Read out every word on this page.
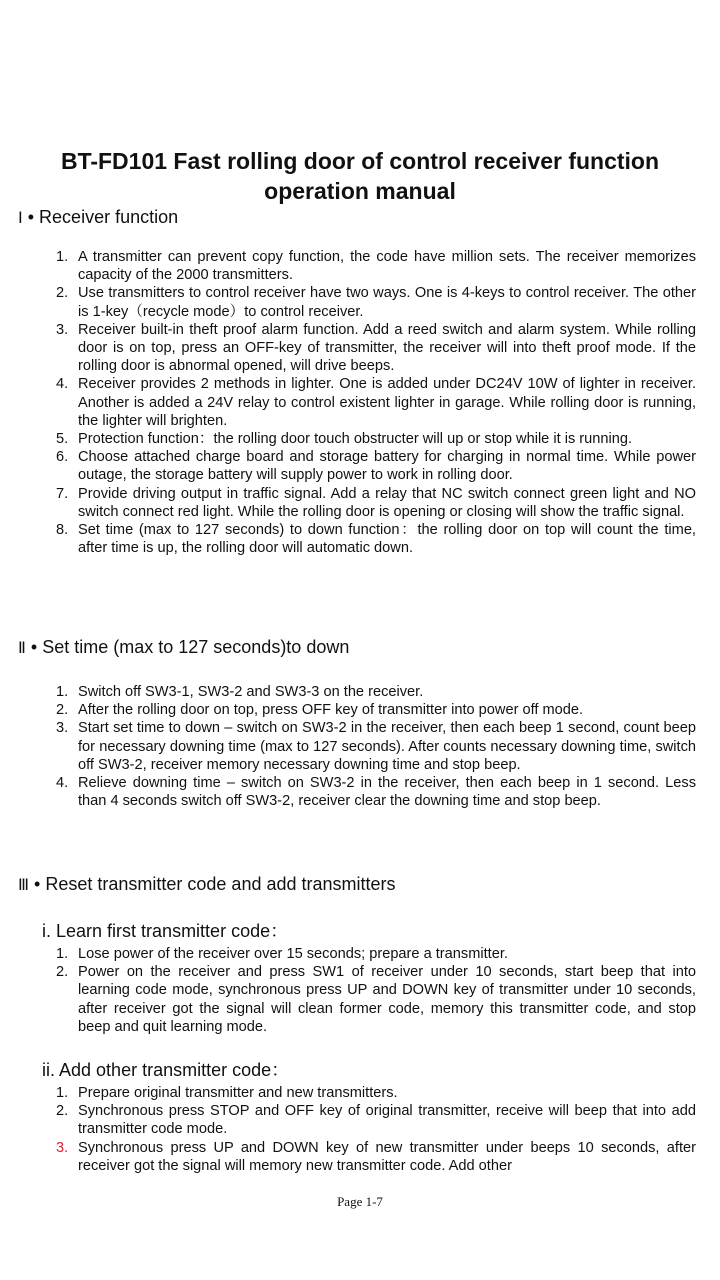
BT-FD101 Fast rolling door of control receiver function operation manual
Ⅰ • Receiver function
1. A transmitter can prevent copy function, the code have million sets. The receiver memorizes capacity of the 2000 transmitters.
2. Use transmitters to control receiver have two ways. One is 4-keys to control receiver. The other is 1-key（recycle mode）to control receiver.
3. Receiver built-in theft proof alarm function. Add a reed switch and alarm system. While rolling door is on top, press an OFF-key of transmitter, the receiver will into theft proof mode. If the rolling door is abnormal opened, will drive beeps.
4. Receiver provides 2 methods in lighter. One is added under DC24V 10W of lighter in receiver. Another is added a 24V relay to control existent lighter in garage. While rolling door is running, the lighter will brighten.
5. Protection function：the rolling door touch obstructer will up or stop while it is running.
6. Choose attached charge board and storage battery for charging in normal time. While power outage, the storage battery will supply power to work in rolling door.
7. Provide driving output in traffic signal. Add a relay that NC switch connect green light and NO switch connect red light. While the rolling door is opening or closing will show the traffic signal.
8. Set time (max to 127 seconds) to down function：the rolling door on top will count the time, after time is up, the rolling door will automatic down.
Ⅱ • Set time (max to 127 seconds)to down
1. Switch off SW3-1, SW3-2 and SW3-3 on the receiver.
2. After the rolling door on top, press OFF key of transmitter into power off mode.
3. Start set time to down – switch on SW3-2 in the receiver, then each beep 1 second, count beep for necessary downing time (max to 127 seconds). After counts necessary downing time, switch off SW3-2, receiver memory necessary downing time and stop beep.
4. Relieve downing time – switch on SW3-2 in the receiver, then each beep in 1 second. Less than 4 seconds switch off SW3-2, receiver clear the downing time and stop beep.
Ⅲ • Reset transmitter code and add transmitters
i. Learn first transmitter code：
1. Lose power of the receiver over 15 seconds; prepare a transmitter.
2. Power on the receiver and press SW1 of receiver under 10 seconds, start beep that into learning code mode, synchronous press UP and DOWN key of transmitter under 10 seconds, after receiver got the signal will clean former code, memory this transmitter code, and stop beep and quit learning mode.
ii. Add other transmitter code：
1. Prepare original transmitter and new transmitters.
2. Synchronous press STOP and OFF key of original transmitter, receive will beep that into add transmitter code mode.
3. Synchronous press UP and DOWN key of new transmitter under beeps 10 seconds, after receiver got the signal will memory new transmitter code. Add other
Page 1-7
